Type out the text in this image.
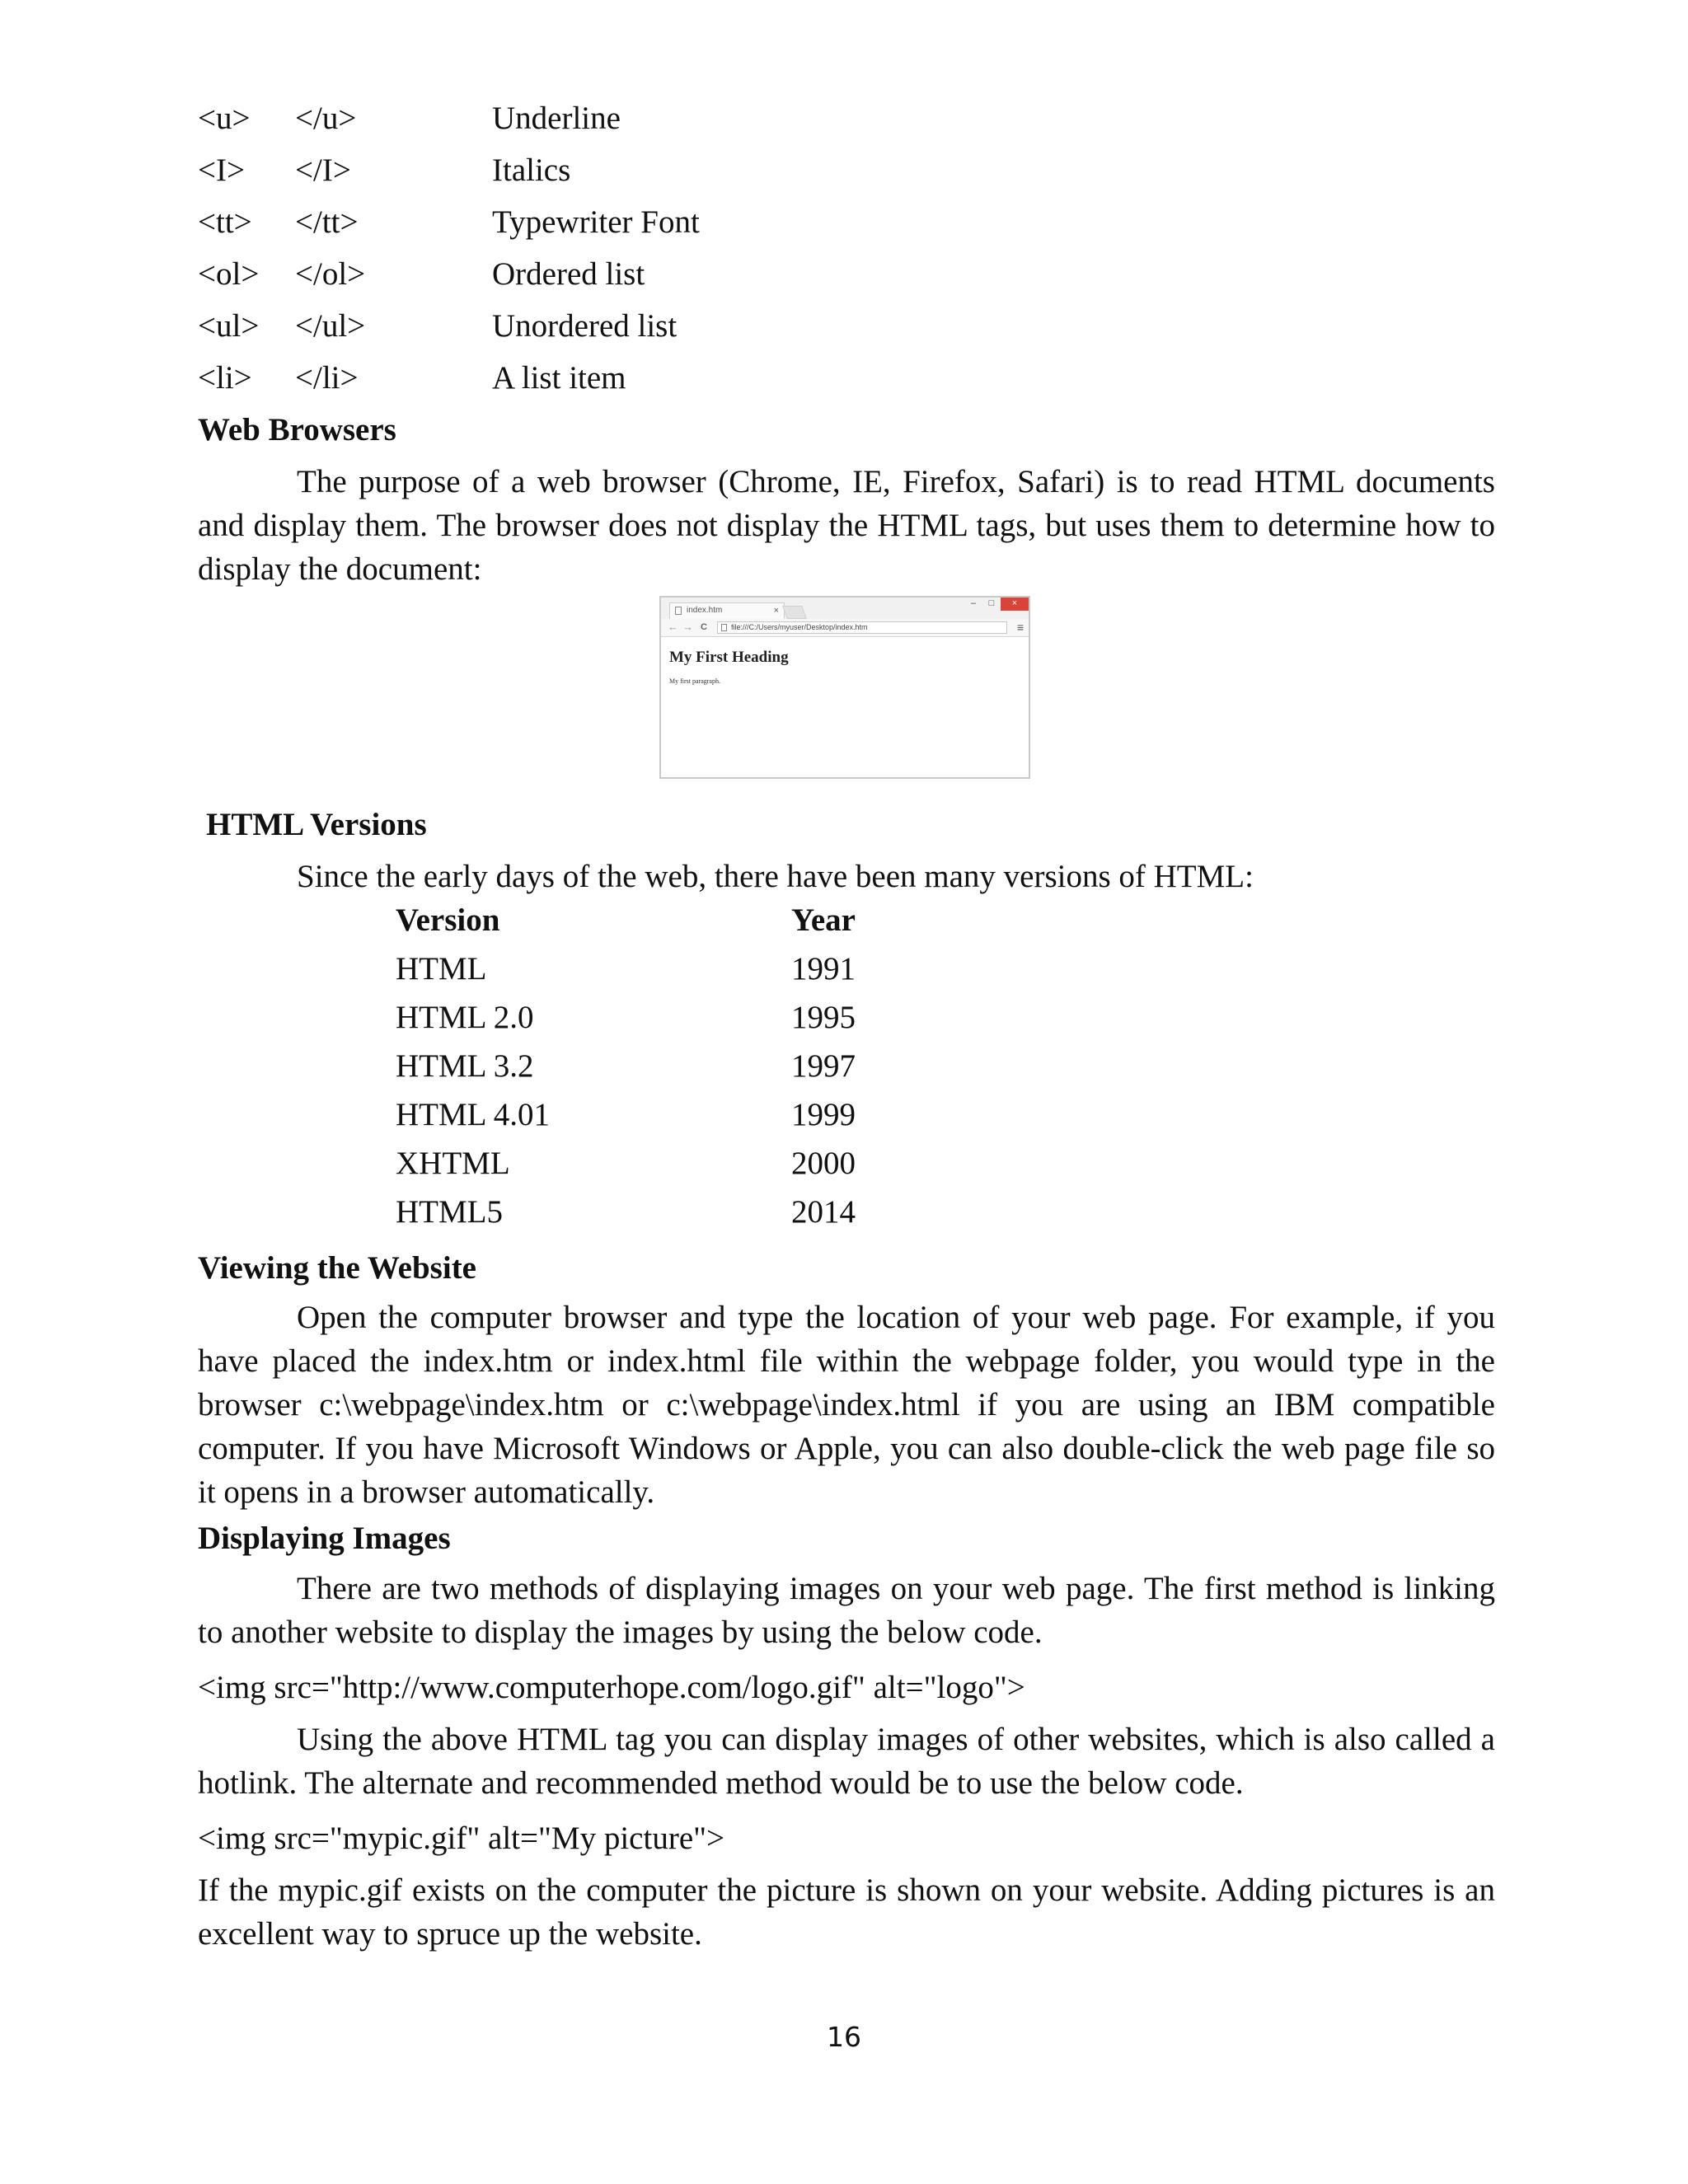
<u> </u>	Underline
<I> </I>	Italics
<tt> </tt>	Typewriter Font
<ol> </ol>	Ordered list
<ul> </ul>	Unordered list
<li> </li>	A list item
Web Browsers

The purpose of a web browser (Chrome, IE, Firefox, Safari) is to read HTML documents and display them. The browser does not display the HTML tags, but uses them to determine how to display the document:

index.htm	×
–	□	×
← → C	file:///C:/Users/myuser/Desktop/index.htm	≡
My First Heading
My first paragraph.
HTML Versions
Since the early days of the web, there have been many versions of HTML:
Version	Year
HTML	1991
HTML 2.0	1995
HTML 3.2	1997
HTML 4.01	1999
XHTML	2000
HTML5	2014
Viewing the Website

Open the computer browser and type the location of your web page. For example, if you have placed the index.htm or index.html file within the webpage folder, you would type in the browser c:\webpage\index.htm or c:\webpage\index.html if you are using an IBM compatible computer. If you have Microsoft Windows or Apple, you can also double-click the web page file so it opens in a browser automatically.

Displaying Images

There are two methods of displaying images on your web page. The first method is linking to another website to display the images by using the below code.

<img src="http://www.computerhope.com/logo.gif" alt="logo">

Using the above HTML tag you can display images of other websites, which is also called a hotlink. The alternate and recommended method would be to use the below code.

<img src="mypic.gif" alt="My picture">

If the mypic.gif exists on the computer the picture is shown on your website. Adding pictures is an excellent way to spruce up the website.

16
